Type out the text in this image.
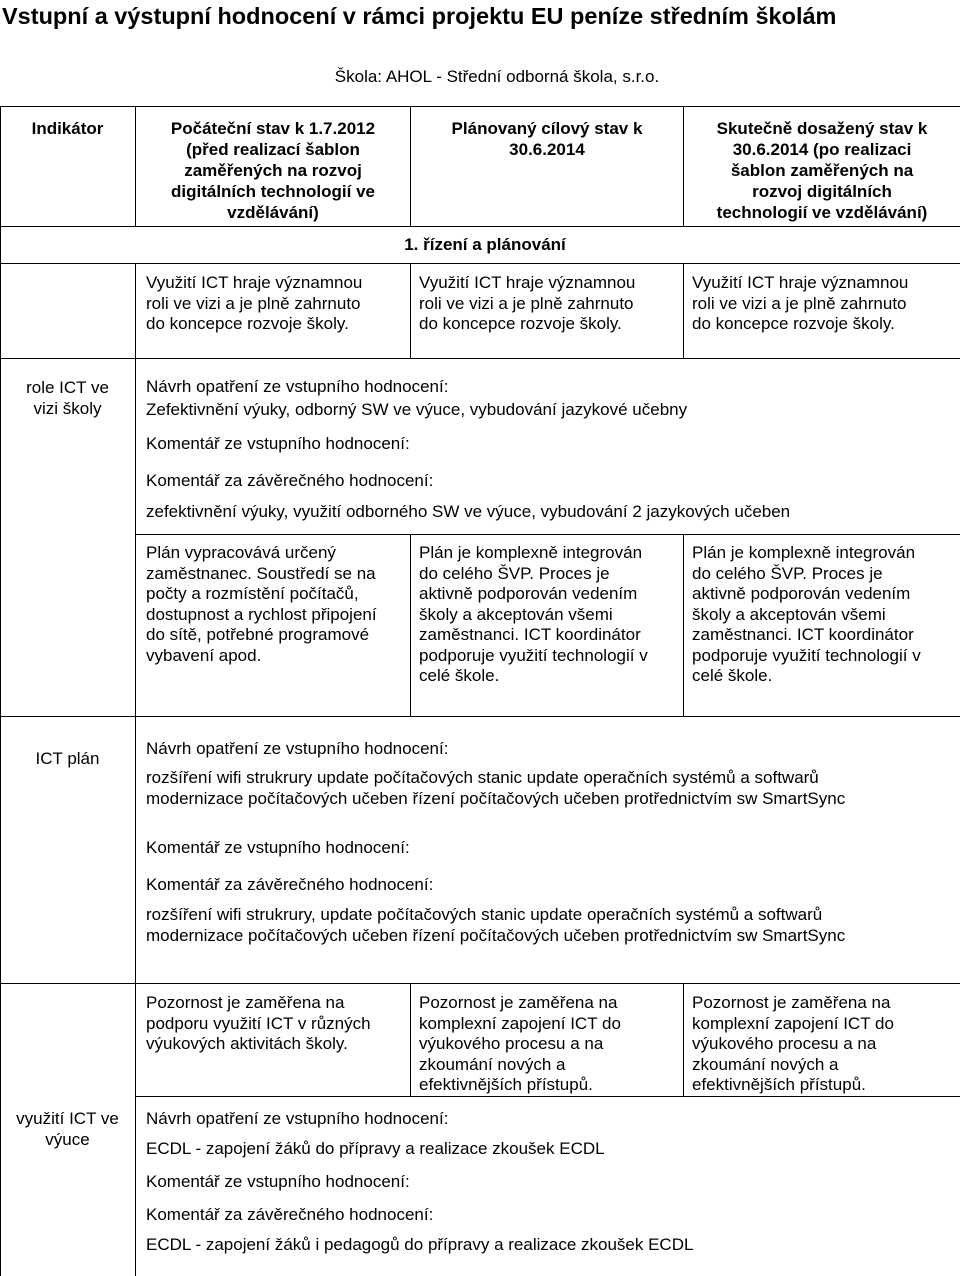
Vstupní a výstupní hodnocení v rámci projektu EU peníze středním školám
Škola: AHOL - Střední odborná škola, s.r.o.
Indikátor	Počáteční stav k 1.7.2012
(před realizací šablon
zaměřených na rozvoj
digitálních technologií ve
vzdělávání)
Plánovaný cílový stav k
30.6.2014
Skutečně dosažený stav k
30.6.2014 (po realizaci
šablon zaměřených na
rozvoj digitálních
technologií ve vzdělávání)
1. řízení a plánování
Využití ICT hraje významnou
roli ve vizi a je plně zahrnuto
do koncepce rozvoje školy.
Využití ICT hraje významnou
roli ve vizi a je plně zahrnuto
do koncepce rozvoje školy.
Využití ICT hraje významnou
roli ve vizi a je plně zahrnuto
do koncepce rozvoje školy.
role ICT ve
vizi školy
Návrh opatření ze vstupního hodnocení:
Zefektivnění výuky, odborný SW ve výuce, vybudování jazykové učebny
Komentář ze vstupního hodnocení:
Komentář za závěrečného hodnocení:
zefektivnění výuky, využití odborného SW ve výuce, vybudování 2 jazykových učeben
Plán vypracovává určený
zaměstnanec. Soustředí se na
počty a rozmístění počítačů,
dostupnost a rychlost připojení
do sítě, potřebné programové
vybavení apod.
Plán je komplexně integrován
do celého ŠVP. Proces je
aktivně podporován vedením
školy a akceptován všemi
zaměstnanci. ICT koordinátor
podporuje využití technologií v
celé škole.
Plán je komplexně integrován
do celého ŠVP. Proces je
aktivně podporován vedením
školy a akceptován všemi
zaměstnanci. ICT koordinátor
podporuje využití technologií v
celé škole.
ICT plán
Návrh opatření ze vstupního hodnocení:
rozšíření wifi strukrury update počítačových stanic update operačních systémů a softwarů
modernizace počítačových učeben řízení počítačových učeben protřednictvím sw SmartSync
Komentář ze vstupního hodnocení:
Komentář za závěrečného hodnocení:
rozšíření wifi strukrury, update počítačových stanic update operačních systémů a softwarů
modernizace počítačových učeben řízení počítačových učeben protřednictvím sw SmartSync
Pozornost je zaměřena na
podporu využití ICT v různých
výukových aktivitách školy.
Pozornost je zaměřena na
komplexní zapojení ICT do
výukového procesu a na
zkoumání nových a
efektivnějších přístupů.
Pozornost je zaměřena na
komplexní zapojení ICT do
výukového procesu a na
zkoumání nových a
efektivnějších přístupů.
využití ICT ve
výuce
Návrh opatření ze vstupního hodnocení:
ECDL - zapojení žáků do přípravy a realizace zkoušek ECDL
Komentář ze vstupního hodnocení:
Komentář za závěrečného hodnocení:
ECDL - zapojení žáků i pedagogů do přípravy a realizace zkoušek ECDL
